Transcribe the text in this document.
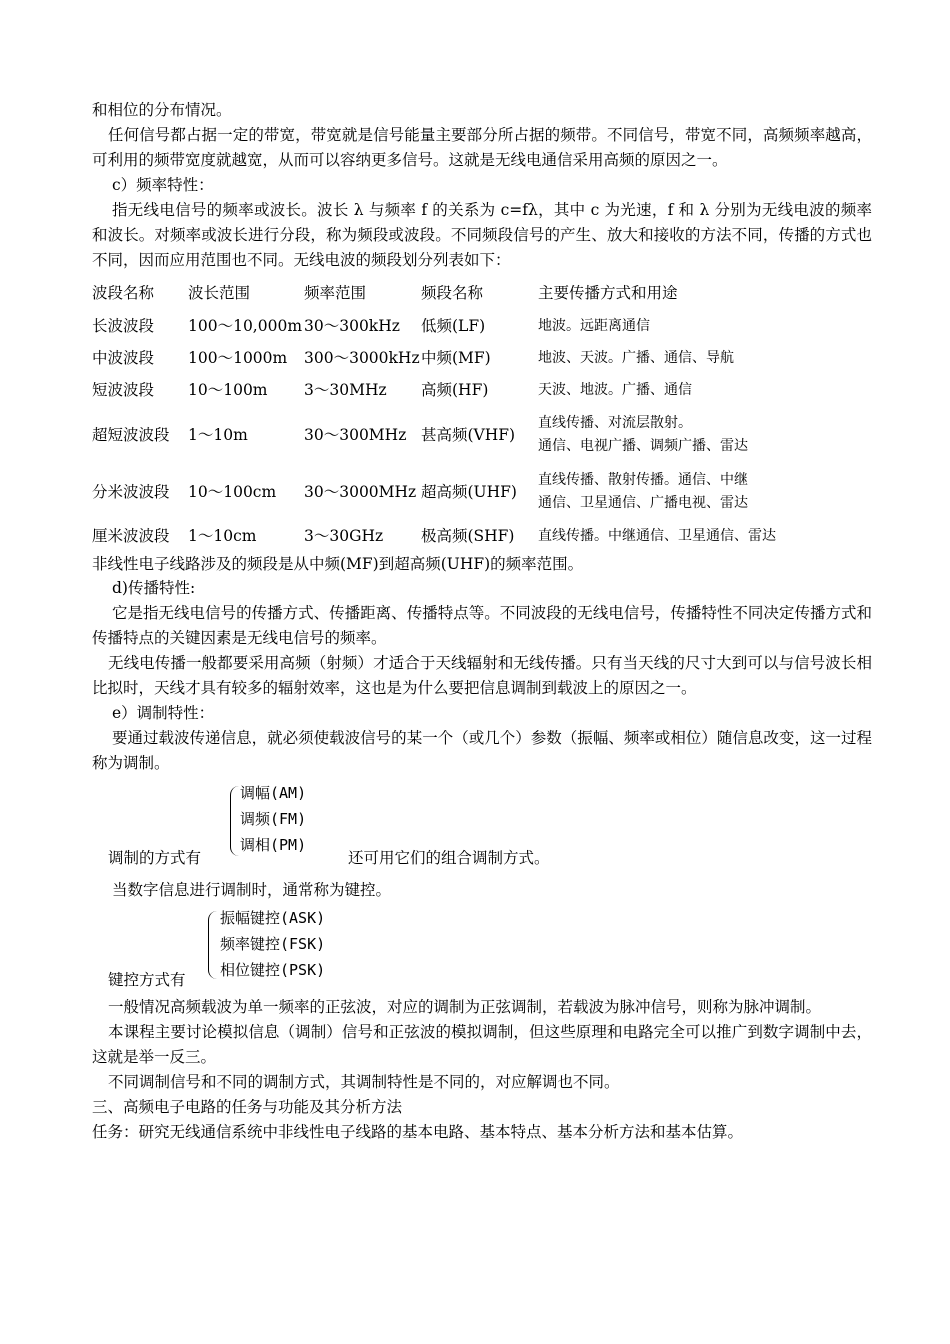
和相位的分布情况。

任何信号都占据一定的带宽，带宽就是信号能量主要部分所占据的频带。不同信号，带宽不同，高频频率越高，可利用的频带宽度就越宽，从而可以容纳更多信号。这就是无线电通信采用高频的原因之一。

c）频率特性：

指无线电信号的频率或波长。波长 λ 与频率 f 的关系为 c=fλ，其中 c 为光速，f 和 λ 分别为无线电波的频率和波长。对频率或波长进行分段，称为频段或波段。不同频段信号的产生、放大和接收的方法不同，传播的方式也不同，因而应用范围也不同。无线电波的频段划分列表如下：

波段名称	波长范围	频率范围	频段名称	主要传播方式和用途
长波波段	100～10,000m	30～300kHz	低频(LF)	地波。远距离通信
中波波段	100～1000m	300～3000kHz	中频(MF)	地波、天波。广播、通信、导航
短波波段	10～100m	3～30MHz	高频(HF)	天波、地波。广播、通信
超短波波段	1～10m	30～300MHz	甚高频(VHF)	直线传播、对流层散射。
通信、电视广播、调频广播、雷达
分米波波段	10～100cm	30～3000MHz	超高频(UHF)	直线传播、散射传播。通信、中继
通信、卫星通信、广播电视、雷达
厘米波波段	1～10cm	3～30GHz	极高频(SHF)	直线传播。中继通信、卫星通信、雷达

非线性电子线路涉及的频段是从中频(MF)到超高频(UHF)的频率范围。

d)传播特性:

它是指无线电信号的传播方式、传播距离、传播特点等。不同波段的无线电信号，传播特性不同决定传播方式和传播特点的关键因素是无线电信号的频率。

无线电传播一般都要采用高频（射频）才适合于天线辐射和无线传播。只有当天线的尺寸大到可以与信号波长相比拟时，天线才具有较多的辐射效率，这也是为什么要把信息调制到载波上的原因之一。

e）调制特性：

要通过载波传递信息，就必须使载波信号的某一个（或几个）参数（振幅、频率或相位）随信息改变，这一过程称为调制。

调制的方式有
调幅(AM)
调频(FM)
调相(PM)
还可用它们的组合调制方式。

当数字信息进行调制时，通常称为键控。

键控方式有
振幅键控(ASK)
频率键控(FSK)
相位键控(PSK)

一般情况高频载波为单一频率的正弦波，对应的调制为正弦调制，若载波为脉冲信号，则称为脉冲调制。

本课程主要讨论模拟信息（调制）信号和正弦波的模拟调制，但这些原理和电路完全可以推广到数字调制中去，这就是举一反三。

不同调制信号和不同的调制方式，其调制特性是不同的，对应解调也不同。

三、高频电子电路的任务与功能及其分析方法

任务：研究无线通信系统中非线性电子线路的基本电路、基本特点、基本分析方法和基本估算。
